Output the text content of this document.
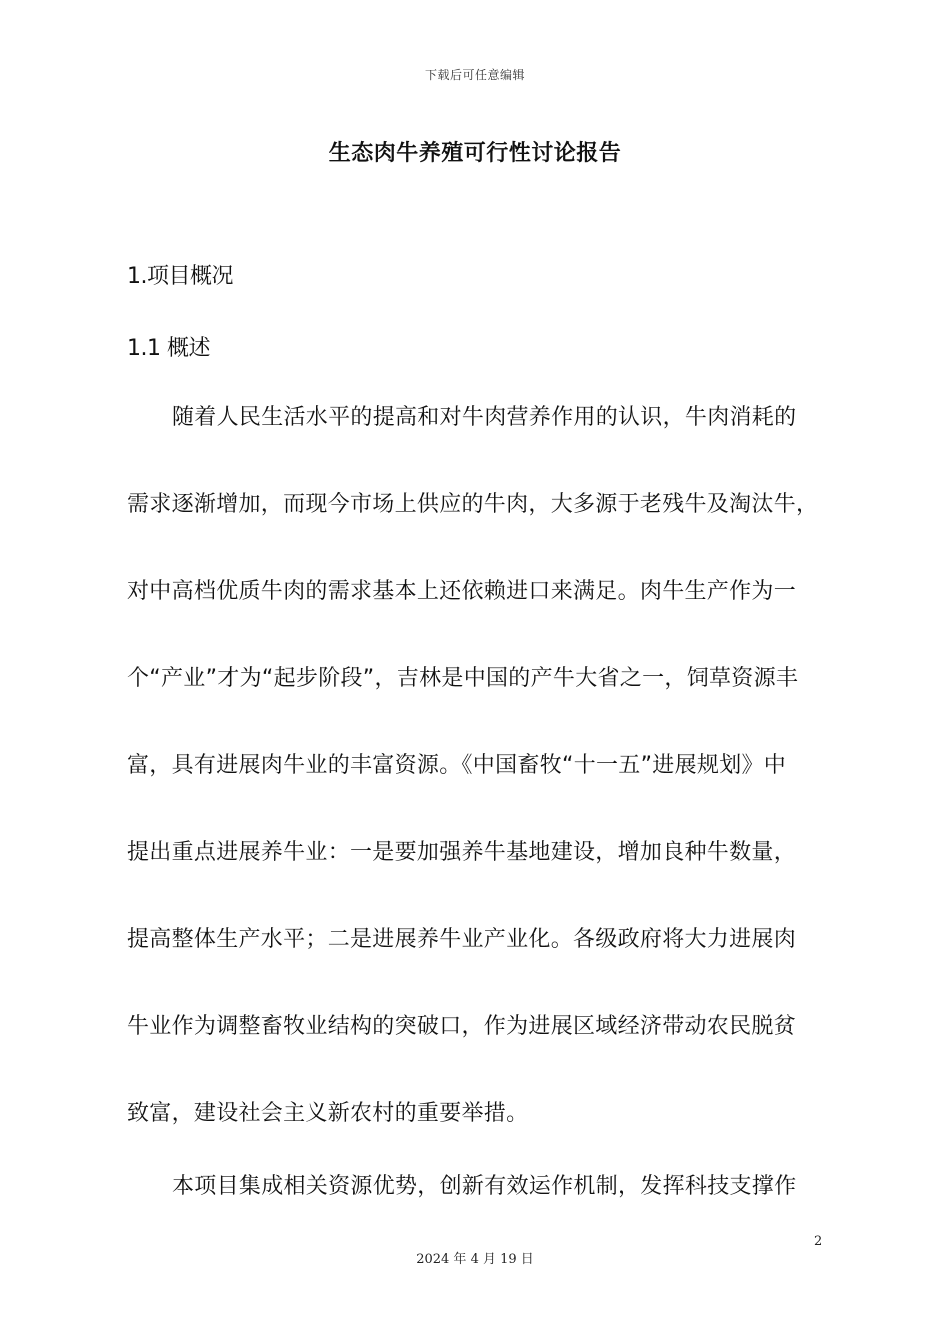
下载后可任意编辑
生态肉牛养殖可行性讨论报告
1.项目概况
1.1 概述
随着人民生活水平的提高和对牛肉营养作用的认识，牛肉消耗的
需求逐渐增加，而现今市场上供应的牛肉，大多源于老残牛及淘汰牛，
对中高档优质牛肉的需求基本上还依赖进口来满足。肉牛生产作为一
个“产业”才为“起步阶段”，吉林是中国的产牛大省之一，饲草资源丰
富，具有进展肉牛业的丰富资源。《中国畜牧“十一五”进展规划》中
提出重点进展养牛业：一是要加强养牛基地建设，增加良种牛数量，
提高整体生产水平；二是进展养牛业产业化。各级政府将大力进展肉
牛业作为调整畜牧业结构的突破口，作为进展区域经济带动农民脱贫
致富，建设社会主义新农村的重要举措。
本项目集成相关资源优势，创新有效运作机制，发挥科技支撑作
2
2024 年 4 月 19 日
